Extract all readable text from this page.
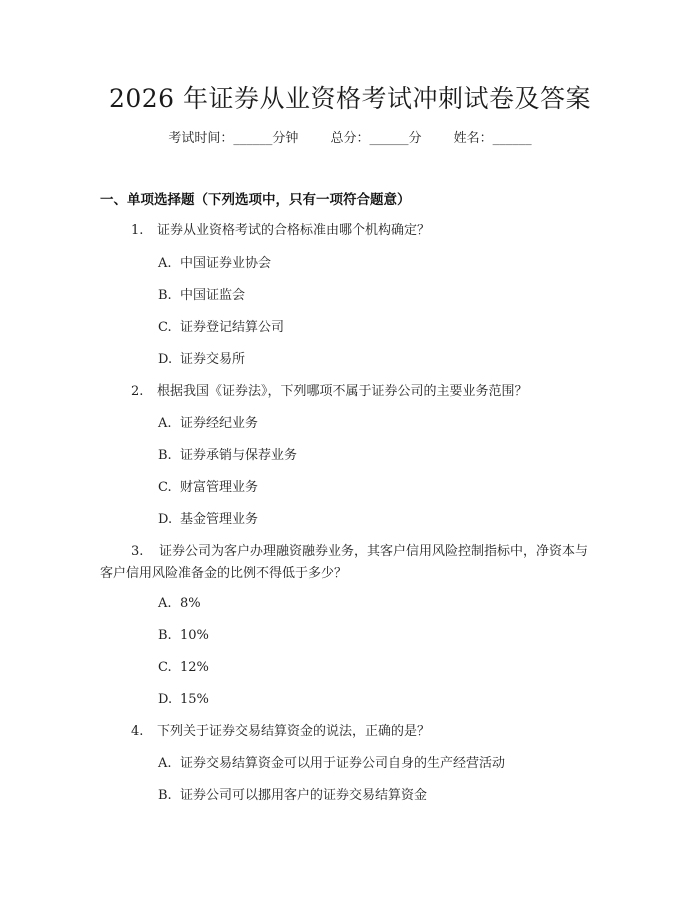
2026 年证券从业资格考试冲刺试卷及答案
考试时间：______分钟 总分：______分 姓名：______
一、单项选择题（下列选项中，只有一项符合题意）
1. 证券从业资格考试的合格标准由哪个机构确定？
A. 中国证券业协会
B. 中国证监会
C. 证券登记结算公司
D. 证券交易所
2. 根据我国《证券法》，下列哪项不属于证券公司的主要业务范围？
A. 证券经纪业务
B. 证券承销与保荐业务
C. 财富管理业务
D. 基金管理业务
3. 证券公司为客户办理融资融券业务，其客户信用风险控制指标中，净资本与客户信用风险准备金的比例不得低于多少？
A. 8%
B. 10%
C. 12%
D. 15%
4. 下列关于证券交易结算资金的说法，正确的是？
A. 证券交易结算资金可以用于证券公司自身的生产经营活动
B. 证券公司可以挪用客户的证券交易结算资金
